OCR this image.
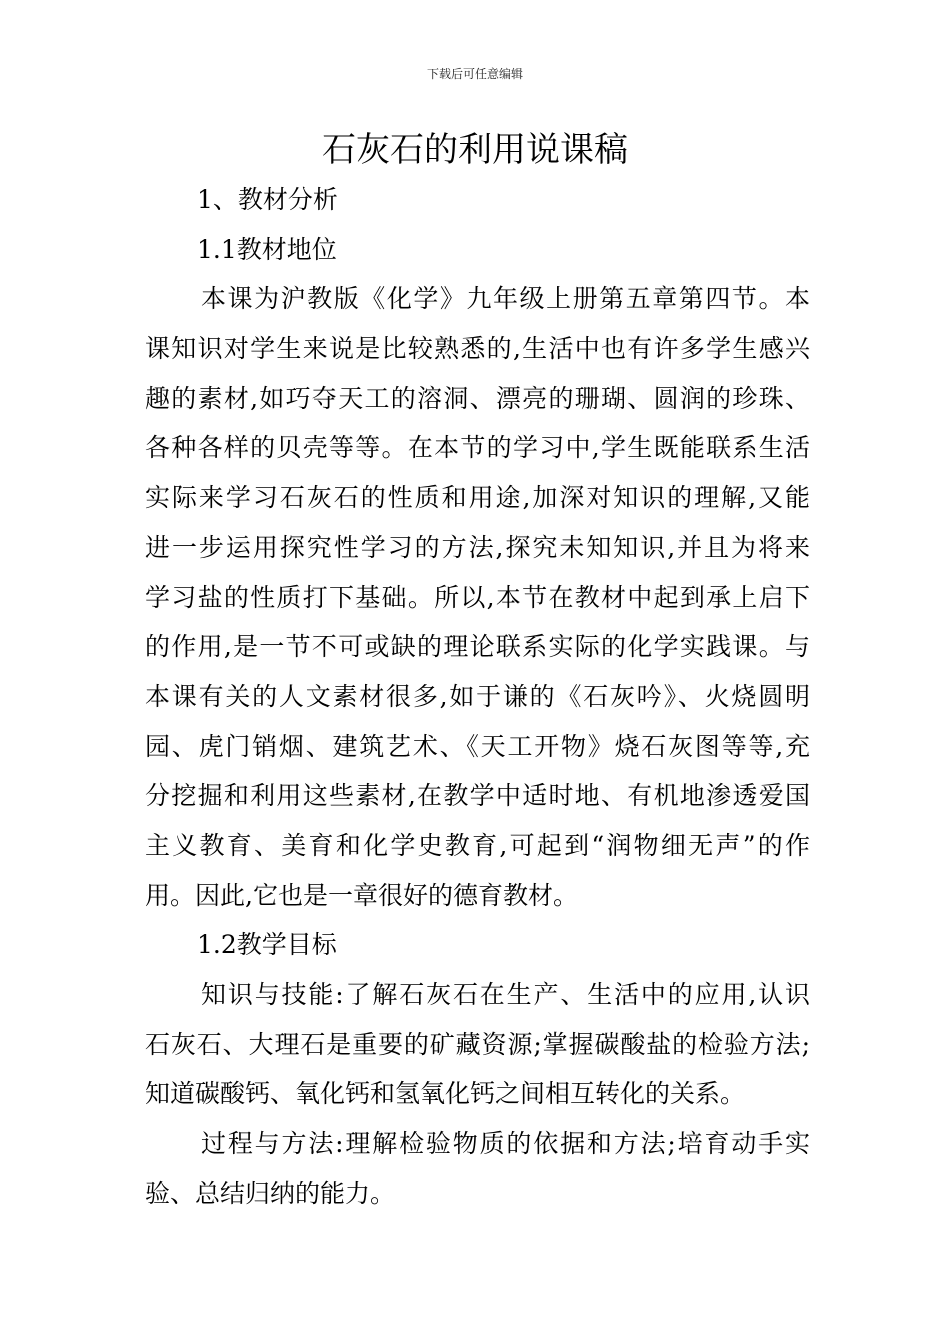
下载后可任意编辑
石灰石的利用说课稿
1、教材分析
1.1教材地位
本课为沪教版《化学》九年级上册第五章第四节。本
课知识对学生来说是比较熟悉的,生活中也有许多学生感兴
趣的素材,如巧夺天工的溶洞、漂亮的珊瑚、圆润的珍珠、
各种各样的贝壳等等。在本节的学习中,学生既能联系生活
实际来学习石灰石的性质和用途,加深对知识的理解,又能
进一步运用探究性学习的方法,探究未知知识,并且为将来
学习盐的性质打下基础。所以,本节在教材中起到承上启下
的作用,是一节不可或缺的理论联系实际的化学实践课。与
本课有关的人文素材很多,如于谦的《石灰吟》、火烧圆明
园、虎门销烟、建筑艺术、《天工开物》烧石灰图等等,充
分挖掘和利用这些素材,在教学中适时地、有机地渗透爱国
主义教育、美育和化学史教育,可起到“润物细无声”的作
用。因此,它也是一章很好的德育教材。
1.2教学目标
知识与技能:了解石灰石在生产、生活中的应用,认识
石灰石、大理石是重要的矿藏资源;掌握碳酸盐的检验方法;
知道碳酸钙、氧化钙和氢氧化钙之间相互转化的关系。
过程与方法:理解检验物质的依据和方法;培育动手实
验、总结归纳的能力。
